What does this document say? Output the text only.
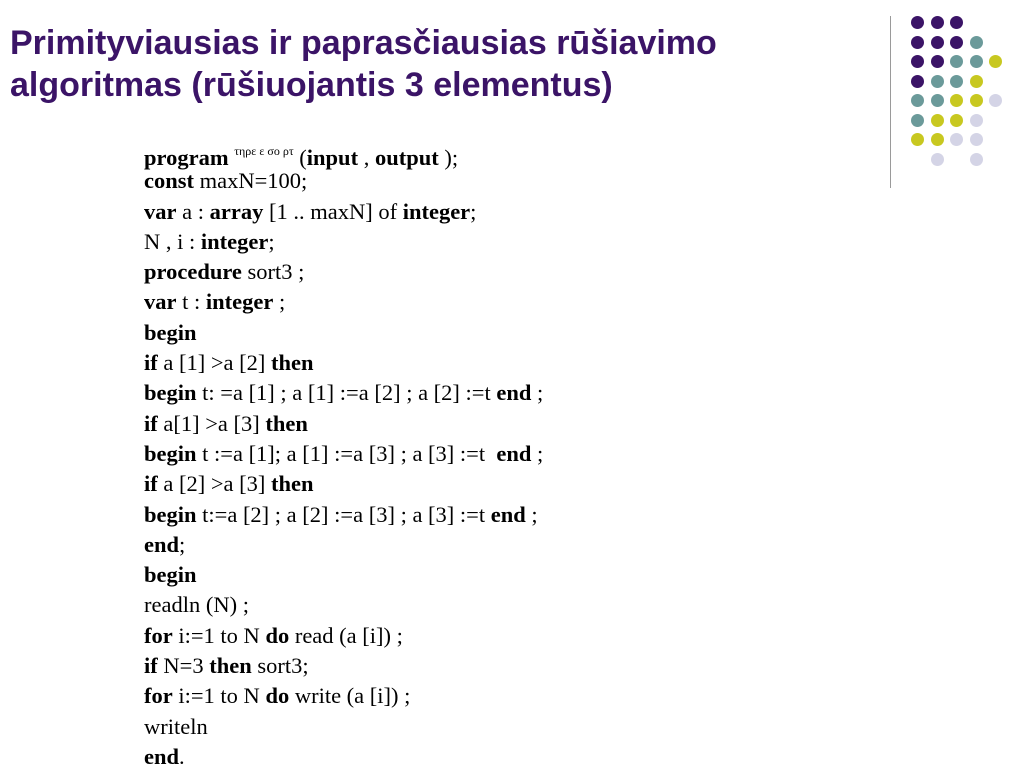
Primityviausias ir paprasčiausias rūšiavimo algoritmas (rūšiuojantis 3 elementus)
program $^{\tau\eta\rho\varepsilon \varepsilon \sigma o \rho\tau}$ (input , output );
const maxN=100;
var a : array [1 .. maxN] of integer;
N , i : integer;
procedure sort3 ;
var t : integer ;
begin
if a [1] >a [2] then
begin t: =a [1] ; a [1] :=a [2] ; a [2] :=t end ;
if a[1] >a [3] then
begin t :=a [1]; a [1] :=a [3] ; a [3] :=t  end ;
if a [2] >a [3] then
begin t:=a [2] ; a [2] :=a [3] ; a [3] :=t end ;
end;
begin
readln (N) ;
for i:=1 to N do read (a [i]) ;
if N=3 then sort3;
for i:=1 to N do write (a [i]) ;
writeln
end.
